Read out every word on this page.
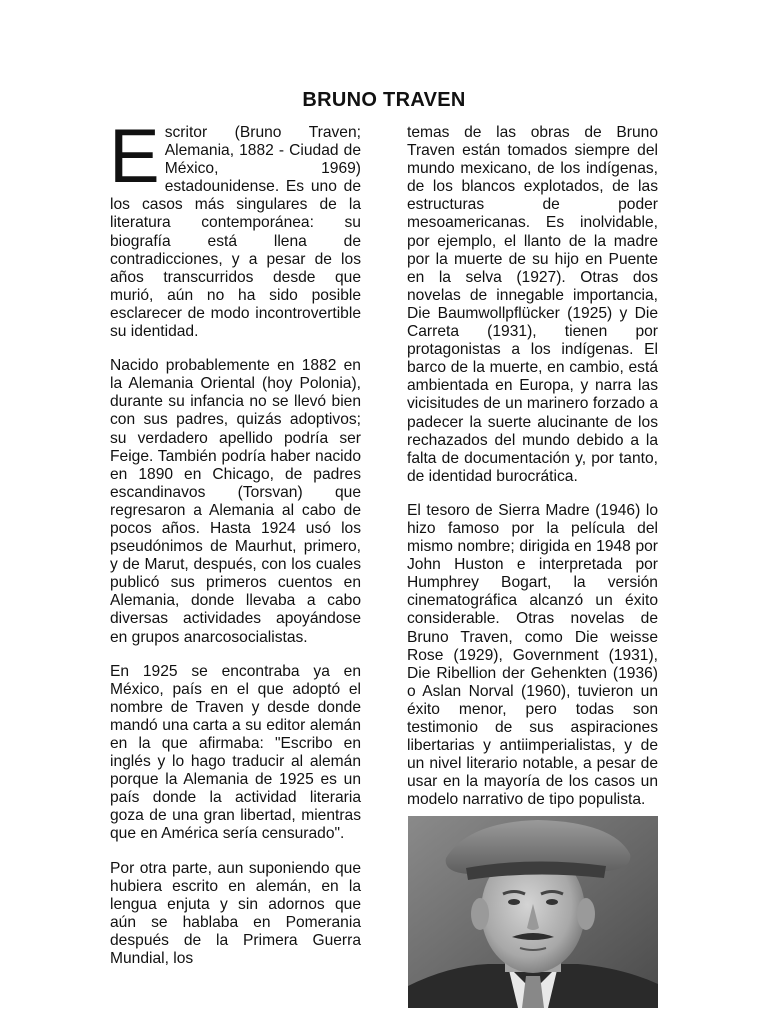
BRUNO TRAVEN

Escritor (Bruno Traven; Alemania, 1882 - Ciudad de México, 1969) estadounidense. Es uno de los casos más singulares de la literatura contemporánea: su biografía está llena de contradicciones, y a pesar de los años transcurridos desde que murió, aún no ha sido posible esclarecer de modo incontrovertible su identidad.

Nacido probablemente en 1882 en la Alemania Oriental (hoy Polonia), durante su infancia no se llevó bien con sus padres, quizás adoptivos; su verdadero apellido podría ser Feige. También podría haber nacido en 1890 en Chicago, de padres escandinavos (Torsvan) que regresaron a Alemania al cabo de pocos años. Hasta 1924 usó los pseudónimos de Maurhut, primero, y de Marut, después, con los cuales publicó sus primeros cuentos en Alemania, donde llevaba a cabo diversas actividades apoyándose en grupos anarcosocialistas.

En 1925 se encontraba ya en México, país en el que adoptó el nombre de Traven y desde donde mandó una carta a su editor alemán en la que afirmaba: "Escribo en inglés y lo hago traducir al alemán porque la Alemania de 1925 es un país donde la actividad literaria goza de una gran libertad, mientras que en América sería censurado".

Por otra parte, aun suponiendo que hubiera escrito en alemán, en la lengua enjuta y sin adornos que aún se hablaba en Pomerania después de la Primera Guerra Mundial, los

temas de las obras de Bruno Traven están tomados siempre del mundo mexicano, de los indígenas, de los blancos explotados, de las estructuras de poder mesoamericanas. Es inolvidable, por ejemplo, el llanto de la madre por la muerte de su hijo en Puente en la selva (1927). Otras dos novelas de innegable importancia, Die Baumwollpflücker (1925) y Die Carreta (1931), tienen por protagonistas a los indígenas. El barco de la muerte, en cambio, está ambientada en Europa, y narra las vicisitudes de un marinero forzado a padecer la suerte alucinante de los rechazados del mundo debido a la falta de documentación y, por tanto, de identidad burocrática.

El tesoro de Sierra Madre (1946) lo hizo famoso por la película del mismo nombre; dirigida en 1948 por John Huston e interpretada por Humphrey Bogart, la versión cinematográfica alcanzó un éxito considerable. Otras novelas de Bruno Traven, como Die weisse Rose (1929), Government (1931), Die Ribellion der Gehenkten (1936) o Aslan Norval (1960), tuvieron un éxito menor, pero todas son testimonio de sus aspiraciones libertarias y antiimperialistas, y de un nivel literario notable, a pesar de usar en la mayoría de los casos un modelo narrativo de tipo populista.
